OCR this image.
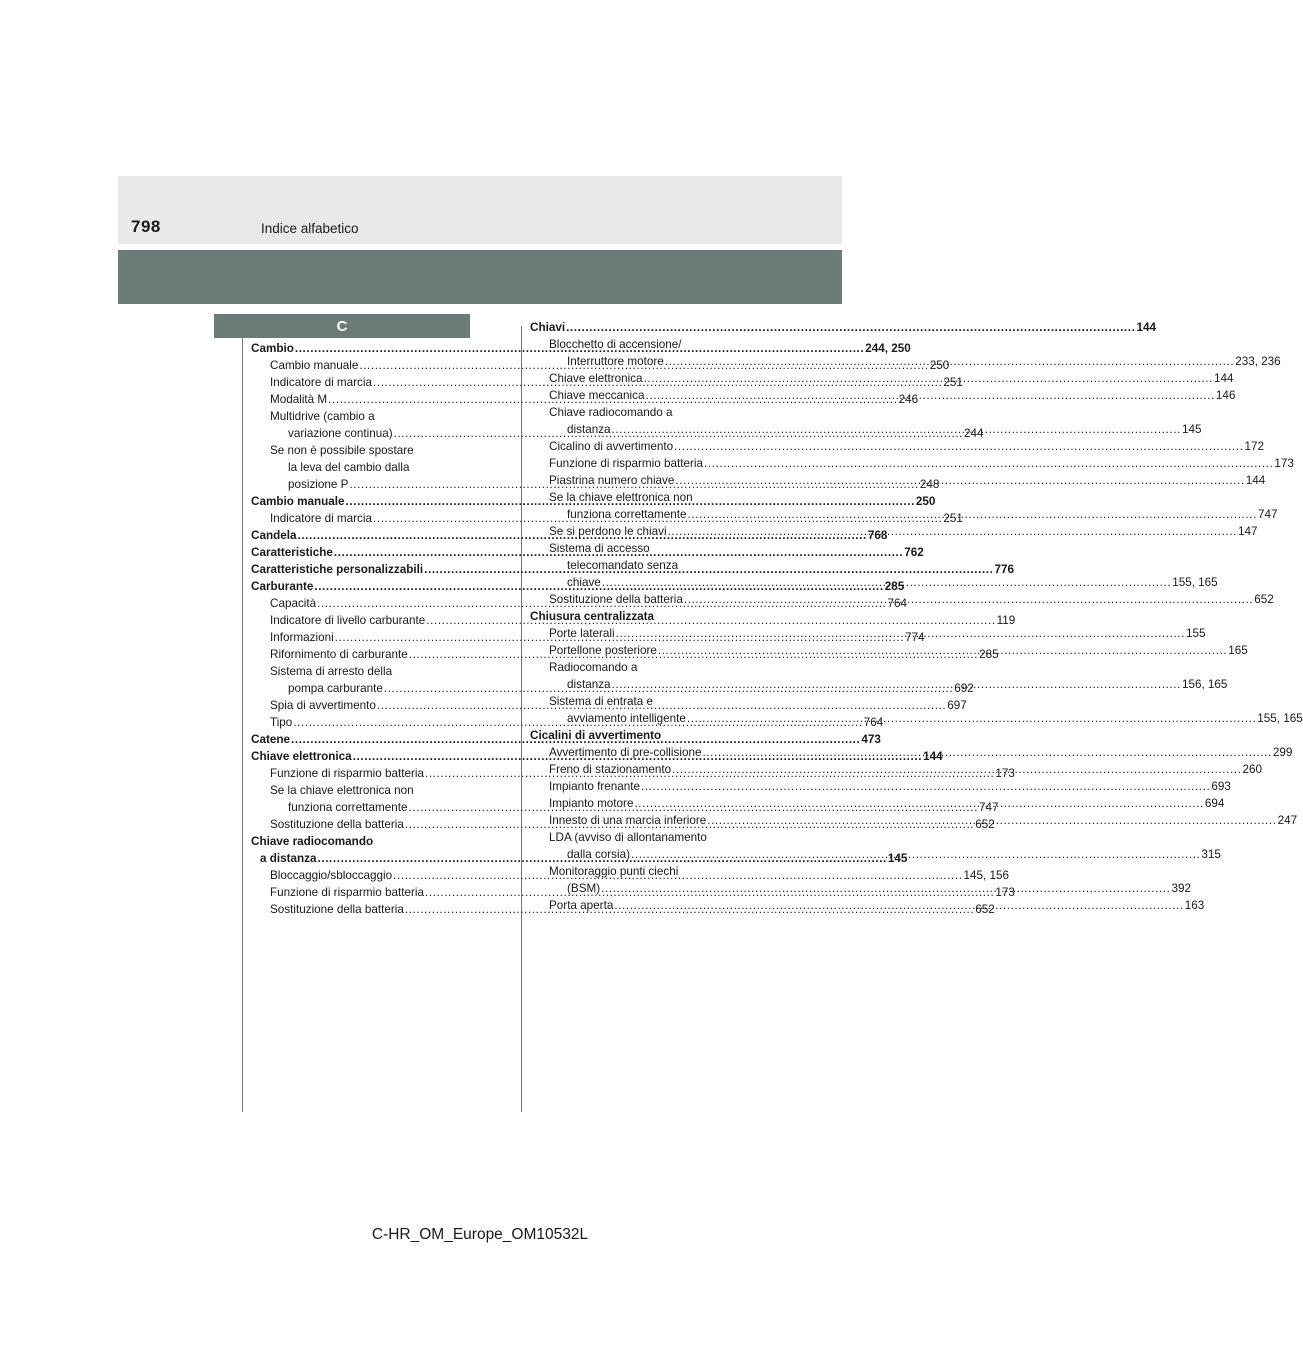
798	Indice alfabetico
C
Cambio .....	244, 250
Cambio manuale .....	250
Indicatore di marcia .....	251
Modalità M .....	246
Multidrive (cambio a
variazione continua) .....	244
Se non è possibile spostare
la leva del cambio dalla
posizione P .....	248
Cambio manuale .....	250
Indicatore di marcia .....	251
Candela .....	768
Caratteristiche .....	762
Caratteristiche personalizzabili .....	776
Carburante .....	285
Capacità .....	764
Indicatore di livello carburante .....	119
Informazioni .....	774
Rifornimento di carburante .....	285
Sistema di arresto della
pompa carburante .....	692
Spia di avvertimento .....	697
Tipo .....	764
Catene .....	473
Chiave elettronica .....	144
Funzione di risparmio batteria .....	173
Se la chiave elettronica non
funziona correttamente .....	747
Sostituzione della batteria .....	652
Chiave radiocomando
a distanza .....	145
Bloccaggio/sbloccaggio .....	145, 156
Funzione di risparmio batteria .....	173
Sostituzione della batteria .....	652
Chiavi .....	144
Blocchetto di accensione/
Interruttore motore .....	233, 236
Chiave elettronica .....	144
Chiave meccanica .....	146
Chiave radiocomando a
distanza .....	145
Cicalino di avvertimento .....	172
Funzione di risparmio batteria .....	173
Piastrina numero chiave .....	144
Se la chiave elettronica non
funziona correttamente .....	747
Se si perdono le chiavi .....	147
Sistema di accesso
telecomandato senza
chiave .....	155, 165
Sostituzione della batteria .....	652
Chiusura centralizzata
Porte laterali .....	155
Portellone posteriore .....	165
Radiocomando a
distanza .....	156, 165
Sistema di entrata e
avviamento intelligente .....	155, 165
Cicalini di avvertimento
Avvertimento di pre-collisione .....	299
Freno di stazionamento .....	260
Impianto frenante .....	693
Impianto motore .....	694
Innesto di una marcia inferiore .....	247
LDA (avviso di allontanamento
dalla corsia) .....	315
Monitoraggio punti ciechi
(BSM) .....	392
Porta aperta .....	163
C-HR_OM_Europe_OM10532L
